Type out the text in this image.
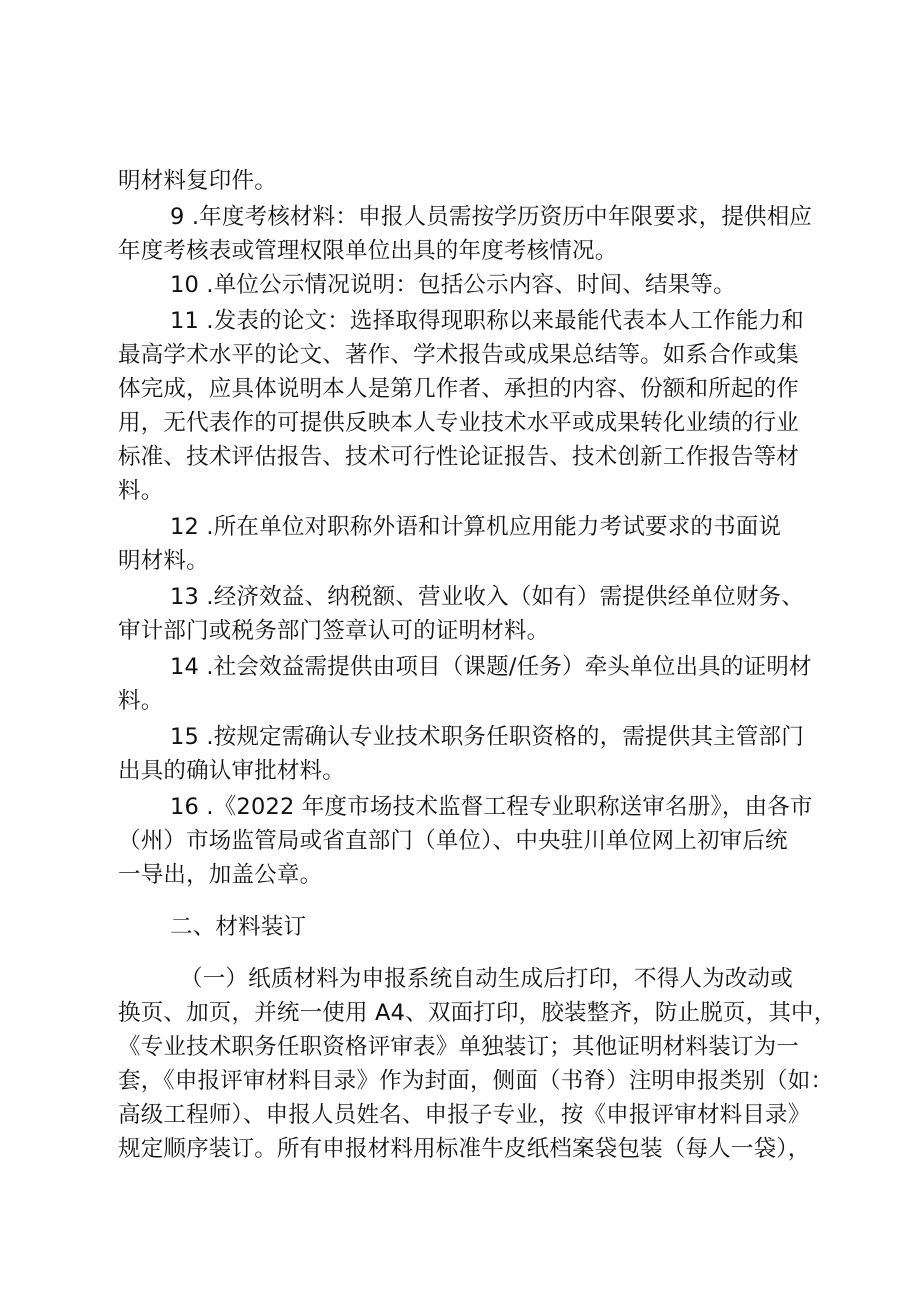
明材料复印件。
9 .年度考核材料：申报人员需按学历资历中年限要求，提供相应
年度考核表或管理权限单位出具的年度考核情况。
10 .单位公示情况说明：包括公示内容、时间、结果等。
11 .发表的论文：选择取得现职称以来最能代表本人工作能力和
最高学术水平的论文、著作、学术报告或成果总结等。如系合作或集
体完成，应具体说明本人是第几作者、承担的内容、份额和所起的作
用，无代表作的可提供反映本人专业技术水平或成果转化业绩的行业
标准、技术评估报告、技术可行性论证报告、技术创新工作报告等材
料。
12 .所在单位对职称外语和计算机应用能力考试要求的书面说
明材料。
13 .经济效益、纳税额、营业收入（如有）需提供经单位财务、
审计部门或税务部门签章认可的证明材料。
14 .社会效益需提供由项目（课题/任务）牵头单位出具的证明材
料。
15 .按规定需确认专业技术职务任职资格的，需提供其主管部门
出具的确认审批材料。
16 .《2022 年度市场技术监督工程专业职称送审名册》，由各市
（州）市场监管局或省直部门（单位）、中央驻川单位网上初审后统
一导出，加盖公章。
二、材料装订
（一）纸质材料为申报系统自动生成后打印，不得人为改动或
换页、加页，并统一使用 A4、双面打印，胶装整齐，防止脱页，其中，
《专业技术职务任职资格评审表》单独装订；其他证明材料装订为一
套，《申报评审材料目录》作为封面，侧面（书脊）注明申报类别（如：
高级工程师）、申报人员姓名、申报子专业，按《申报评审材料目录》
规定顺序装订。所有申报材料用标准牛皮纸档案袋包装（每人一袋），
